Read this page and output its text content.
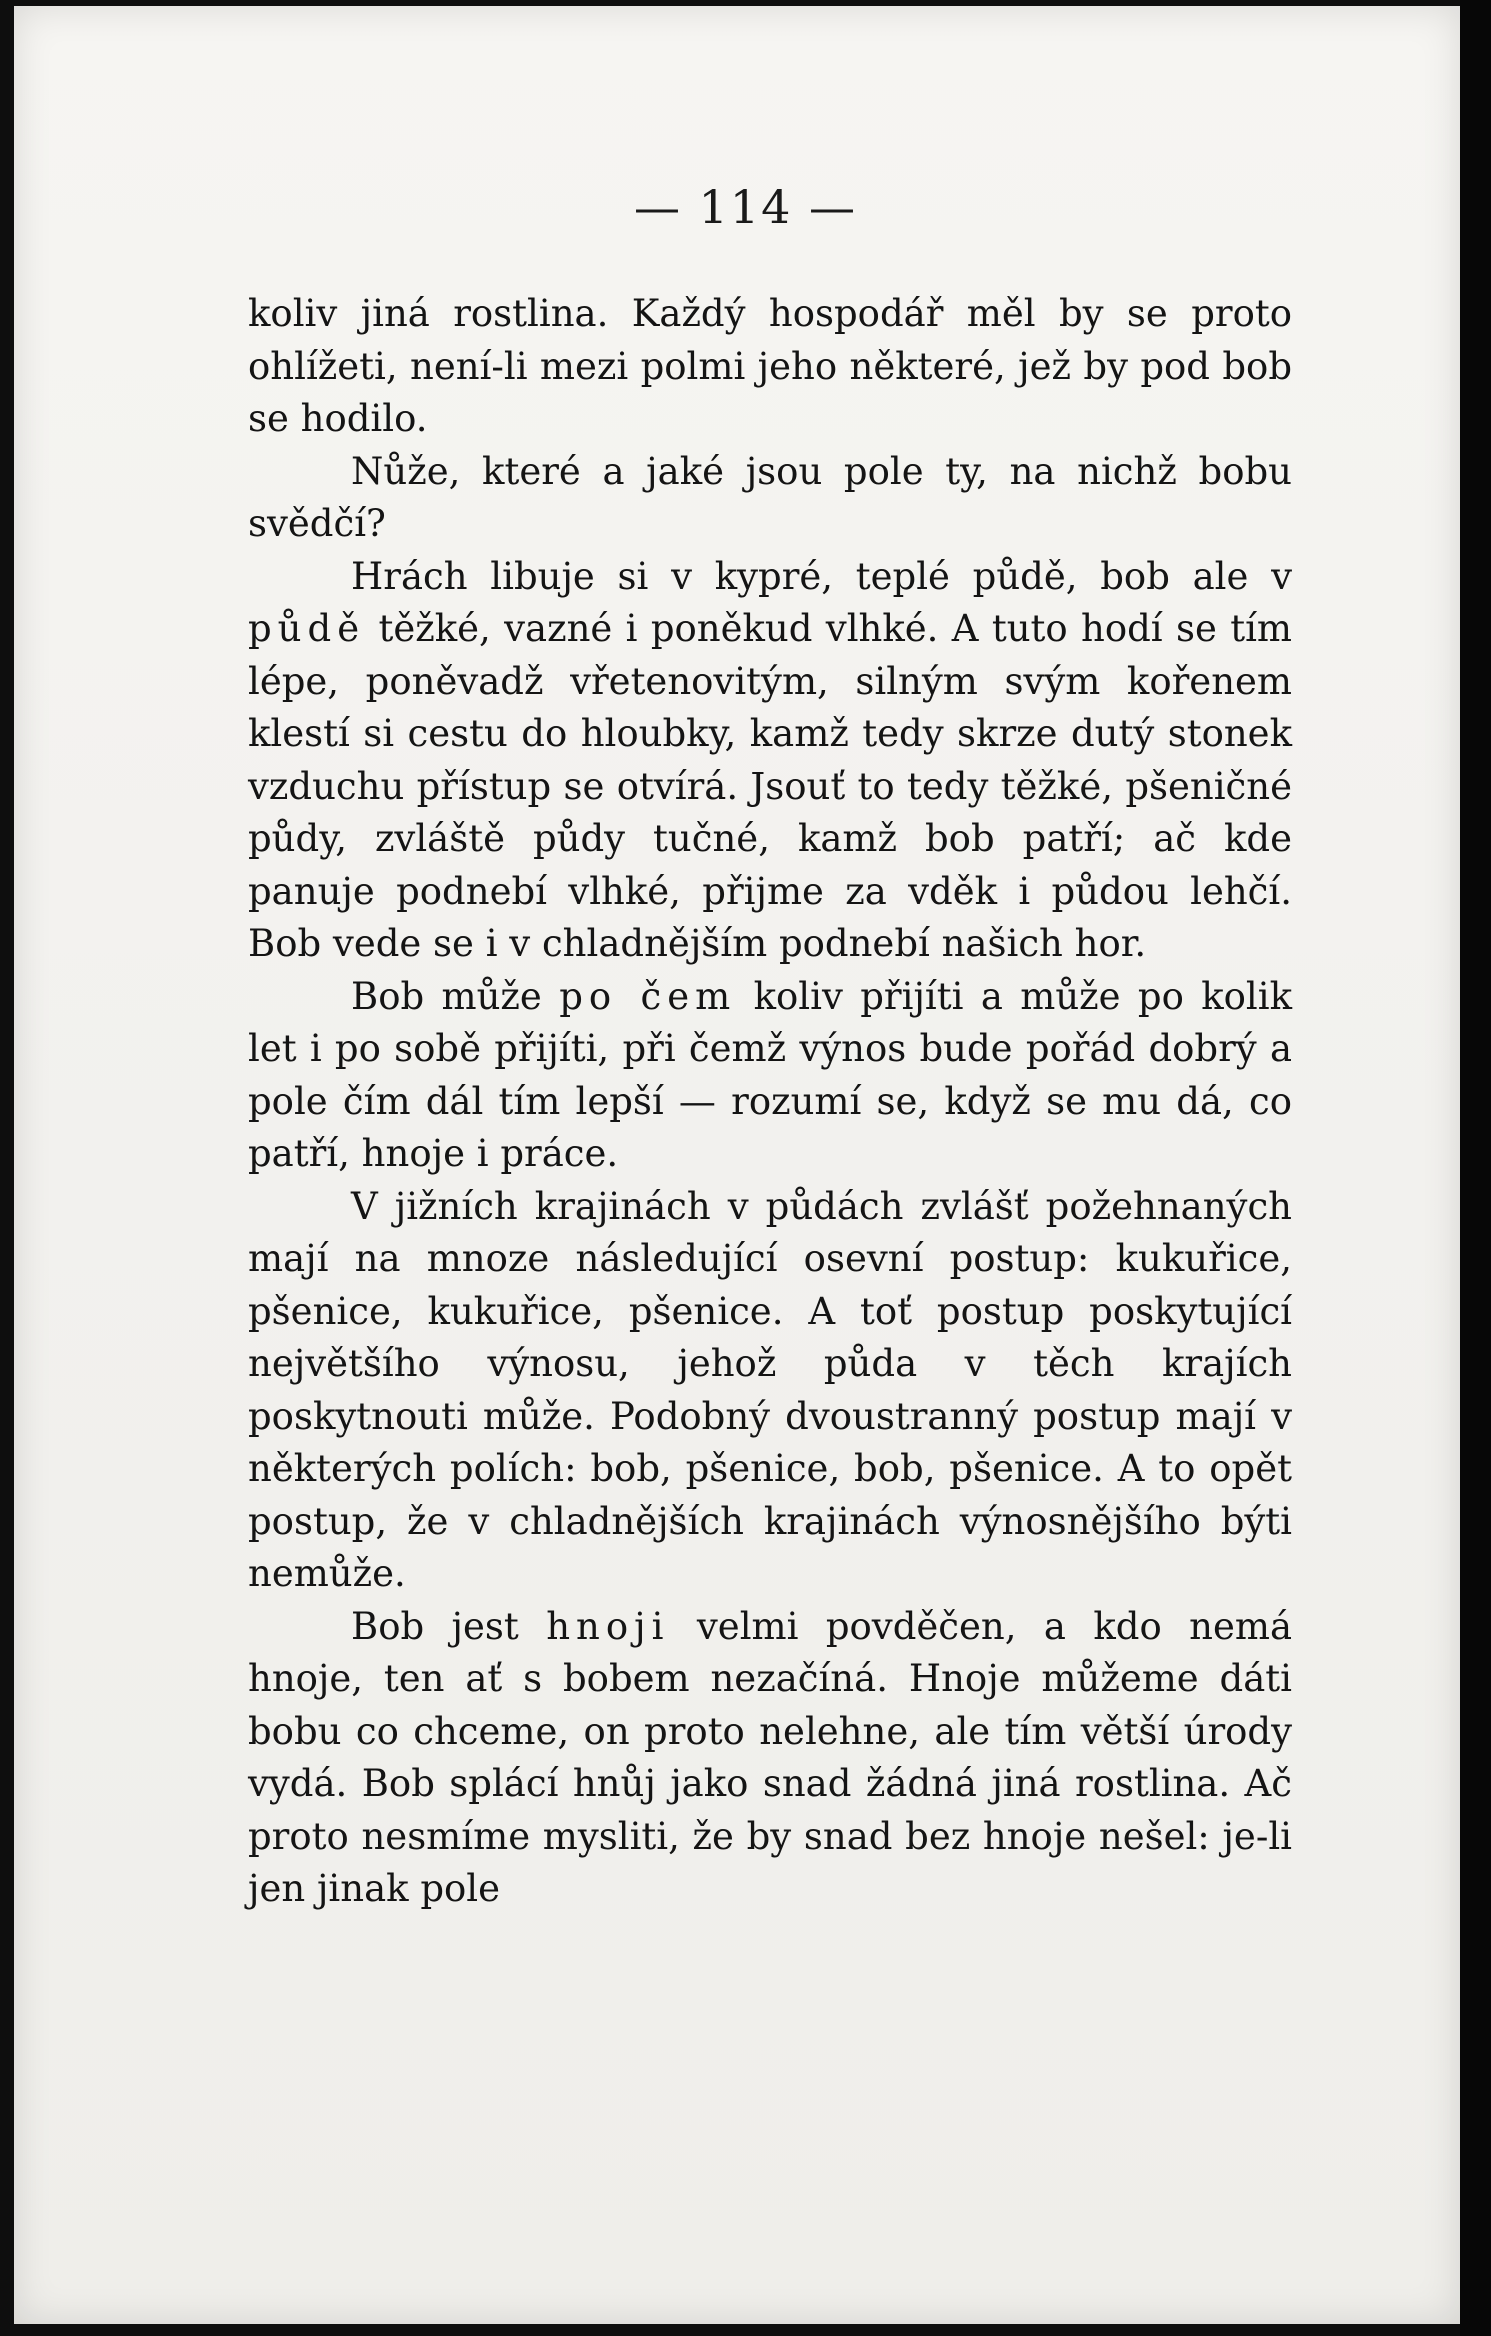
— 114 —

koliv jiná rostlina. Každý hospodář měl by se proto ohlížeti, není-li mezi polmi jeho některé, jež by pod bob se hodilo.

Nůže, které a jaké jsou pole ty, na nichž bobu svědčí?

Hrách libuje si v kypré, teplé půdě, bob ale v půdě těžké, vazné i poněkud vlhké. A tuto hodí se tím lépe, poněvadž vřetenovitým, silným svým kořenem klestí si cestu do hloubky, kamž tedy skrze dutý stonek vzduchu přístup se otvírá. Jsouť to tedy těžké, pšeničné půdy, zvláště půdy tučné, kamž bob patří; ač kde panuje podnebí vlhké, přijme za vděk i půdou lehčí. Bob vede se i v chladnějším podnebí našich hor.

Bob může po čem koliv přijíti a může po kolik let i po sobě přijíti, při čemž výnos bude pořád dobrý a pole čím dál tím lepší — rozumí se, když se mu dá, co patří, hnoje i práce.

V jižních krajinách v půdách zvlášť požehnaných mají na mnoze následující osevní postup: kukuřice, pšenice, kukuřice, pšenice. A toť postup poskytující největšího výnosu, jehož půda v těch krajích poskytnouti může. Podobný dvoustranný postup mají v některých polích: bob, pšenice, bob, pšenice. A to opět postup, že v chladnějších krajinách výnosnějšího býti nemůže.

Bob jest hnoji velmi povděčen, a kdo nemá hnoje, ten ať s bobem nezačíná. Hnoje můžeme dáti bobu co chceme, on proto nelehne, ale tím větší úrody vydá. Bob splácí hnůj jako snad žádná jiná rostlina. Ač proto nesmíme mysliti, že by snad bez hnoje nešel: je-li jen jinak pole
